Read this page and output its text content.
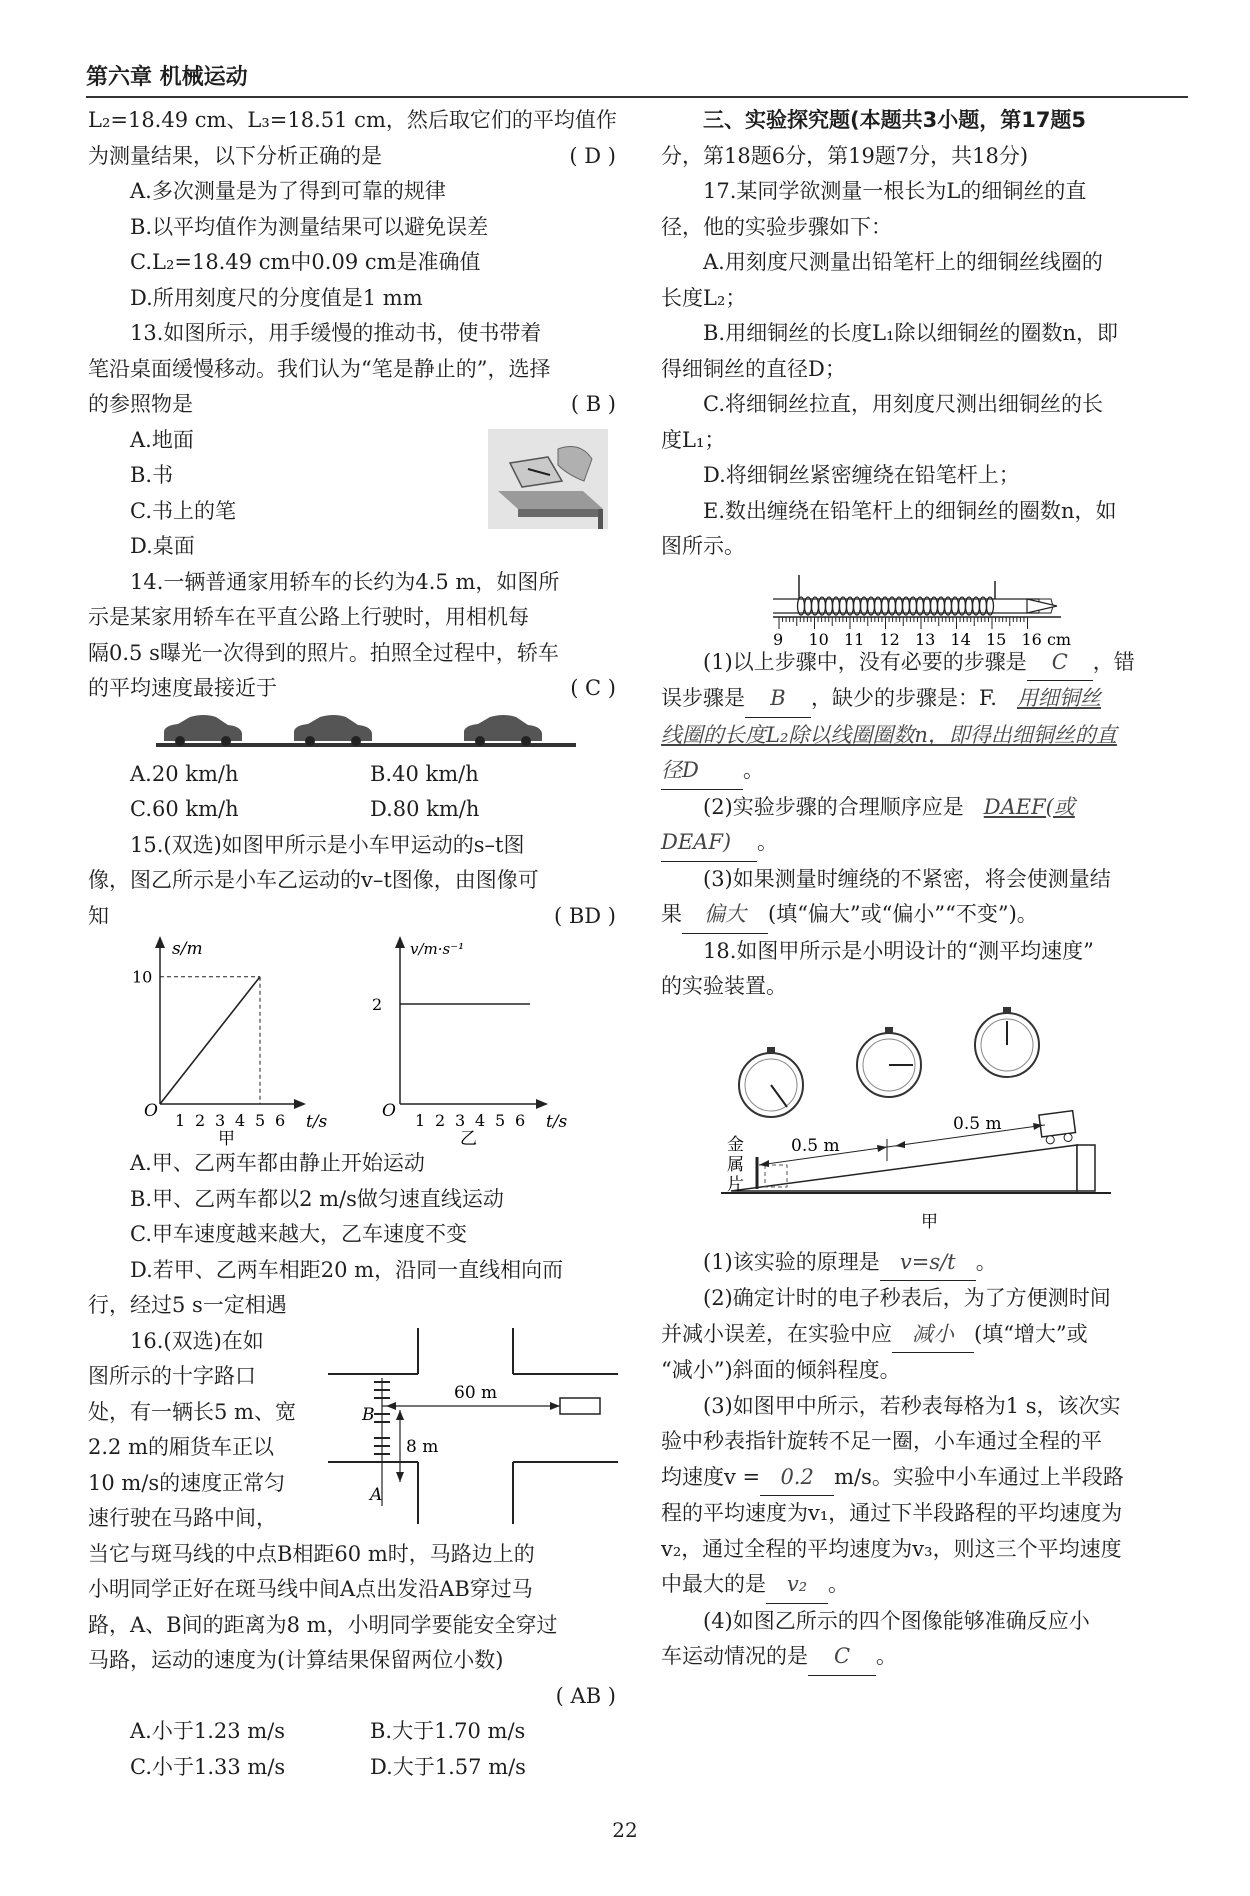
第六章 机械运动
L₂=18.49 cm、L₃=18.51 cm，然后取它们的平均值作
为测量结果，以下分析正确的是	( D )
A.多次测量是为了得到可靠的规律
B.以平均值作为测量结果可以避免误差
C.L₂=18.49 cm中0.09 cm是准确值
D.所用刻度尺的分度值是1 mm
13.如图所示，用手缓慢的推动书，使书带着
笔沿桌面缓慢移动。我们认为“笔是静止的”，选择
的参照物是	( B )
A.地面
B.书
C.书上的笔
D.桌面
14.一辆普通家用轿车的长约为4.5 m，如图所
示是某家用轿车在平直公路上行驶时，用相机每
隔0.5 s曝光一次得到的照片。拍照全过程中，轿车
的平均速度最接近于	( C )
A.20 km/h	B.40 km/h
C.60 km/h	D.80 km/h
15.(双选)如图甲所示是小车甲运动的s–t图
像，图乙所示是小车乙运动的v–t图像，由图像可
知	( BD )
s/m
t/s
O
甲
1 2 3 4 5 6
10
v/m·s⁻¹
t/s
O
乙
1 2 3 4 5 6
2
A.甲、乙两车都由静止开始运动
B.甲、乙两车都以2 m/s做匀速直线运动
C.甲车速度越来越大，乙车速度不变
D.若甲、乙两车相距20 m，沿同一直线相向而
行，经过5 s一定相遇
16.(双选)在如
图所示的十字路口
处，有一辆长5 m、宽
2.2 m的厢货车正以
10 m/s的速度正常匀
速行驶在马路中间，
60 m
B
8 m
A
当它与斑马线的中点B相距60 m时，马路边上的
小明同学正好在斑马线中间A点出发沿AB穿过马
路，A、B间的距离为8 m，小明同学要能安全穿过
马路，运动的速度为(计算结果保留两位小数)
( AB )

A.小于1.23 m/s	B.大于1.70 m/s
C.小于1.33 m/s	D.大于1.57 m/s
三、实验探究题(本题共3小题，第17题5
分，第18题6分，第19题7分，共18分)
17.某同学欲测量一根长为L的细铜丝的直
径，他的实验步骤如下：
A.用刻度尺测量出铅笔杆上的细铜丝线圈的
长度L₂；
B.用细铜丝的长度L₁除以细铜丝的圈数n，即
得细铜丝的直径D；
C.将细铜丝拉直，用刻度尺测出细铜丝的长
度L₁；
D.将细铜丝紧密缠绕在铅笔杆上；
E.数出缠绕在铅笔杆上的细铜丝的圈数n，如
图所示。
9 10 11 12 13 14 15 16 cm
(1)以上步骤中，没有必要的步骤是 C ，错
误步骤是 B ，缺少的步骤是：F. 用细铜丝
线圈的长度L₂除以线圈圈数n，即得出细铜丝的直
径D 。
(2)实验步骤的合理顺序应是 DAEF(或
DEAF) 。
(3)如果测量时缠绕的不紧密，将会使测量结
果 偏大 (填“偏大”或“偏小”“不变”)。
18.如图甲所示是小明设计的“测平均速度”
的实验装置。
0.5 m
0.5 m
金
属
片
甲
(1)该实验的原理是 v=s/t 。
(2)确定计时的电子秒表后，为了方便测时间
并减小误差，在实验中应 减小 (填“增大”或
“减小”)斜面的倾斜程度。
(3)如图甲中所示，若秒表每格为1 s，该次实
验中秒表指针旋转不足一圈，小车通过全程的平
均速度v = 0.2 m/s。实验中小车通过上半段路
程的平均速度为v₁，通过下半段路程的平均速度为
v₂，通过全程的平均速度为v₃，则这三个平均速度
中最大的是 v₂ 。
(4)如图乙所示的四个图像能够准确反应小
车运动情况的是 C 。
22
